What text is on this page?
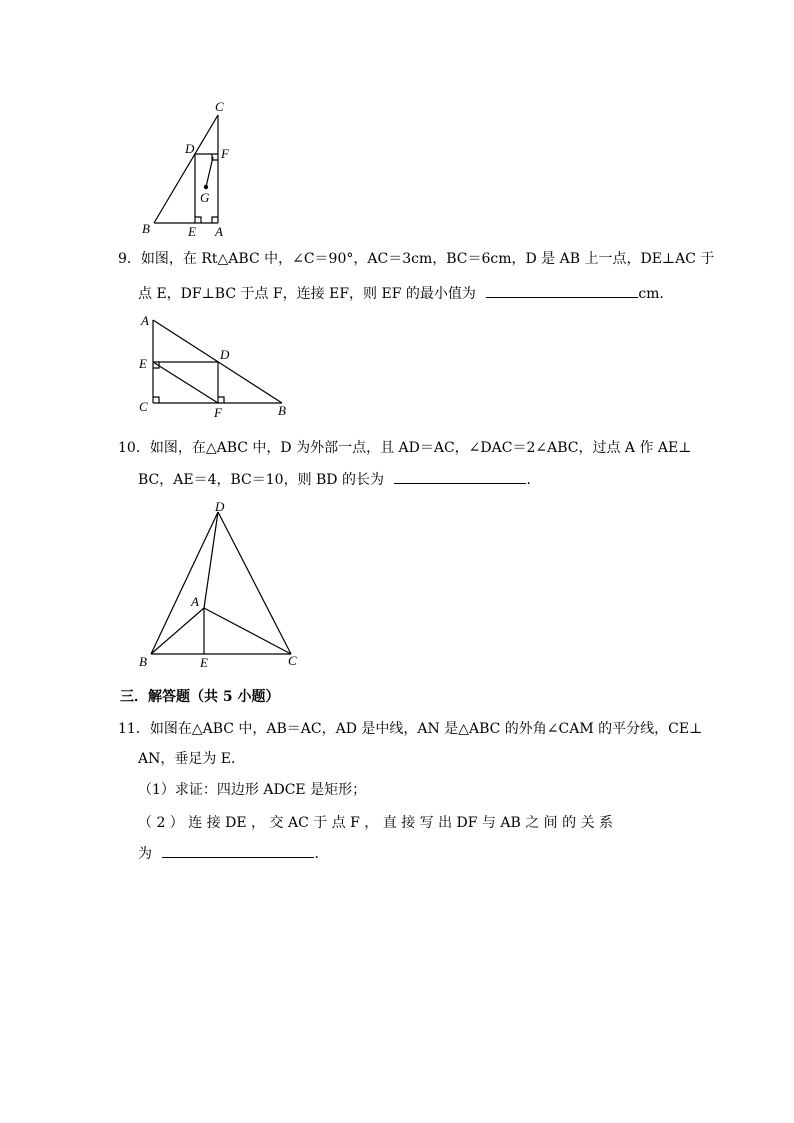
C
D F
G
B	E A
9．如图，在 Rt△ABC 中，∠C＝90°，AC＝3cm，BC＝6cm，D 是 AB 上一点，DE⊥AC 于
点 E，DF⊥BC 于点 F，连接 EF，则 EF 的最小值为	cm．
A
D
E
C	F	B
10．如图，在△ABC 中，D 为外部一点，且 AD＝AC，∠DAC＝2∠ABC，过点 A 作 AE⊥
BC，AE＝4，BC＝10，则 BD 的长为	．
D
A
B	E	C
三．解答题（共 5 小题）
11．如图在△ABC 中，AB＝AC，AD 是中线，AN 是△ABC 的外角∠CAM 的平分线，CE⊥
AN，垂足为 E．
（1）求证：四边形 ADCE 是矩形；
（ 2 ） 连 接 DE ， 交 AC 于 点 F ， 直 接 写 出 DF 与 AB 之 间 的 关 系
为	．
